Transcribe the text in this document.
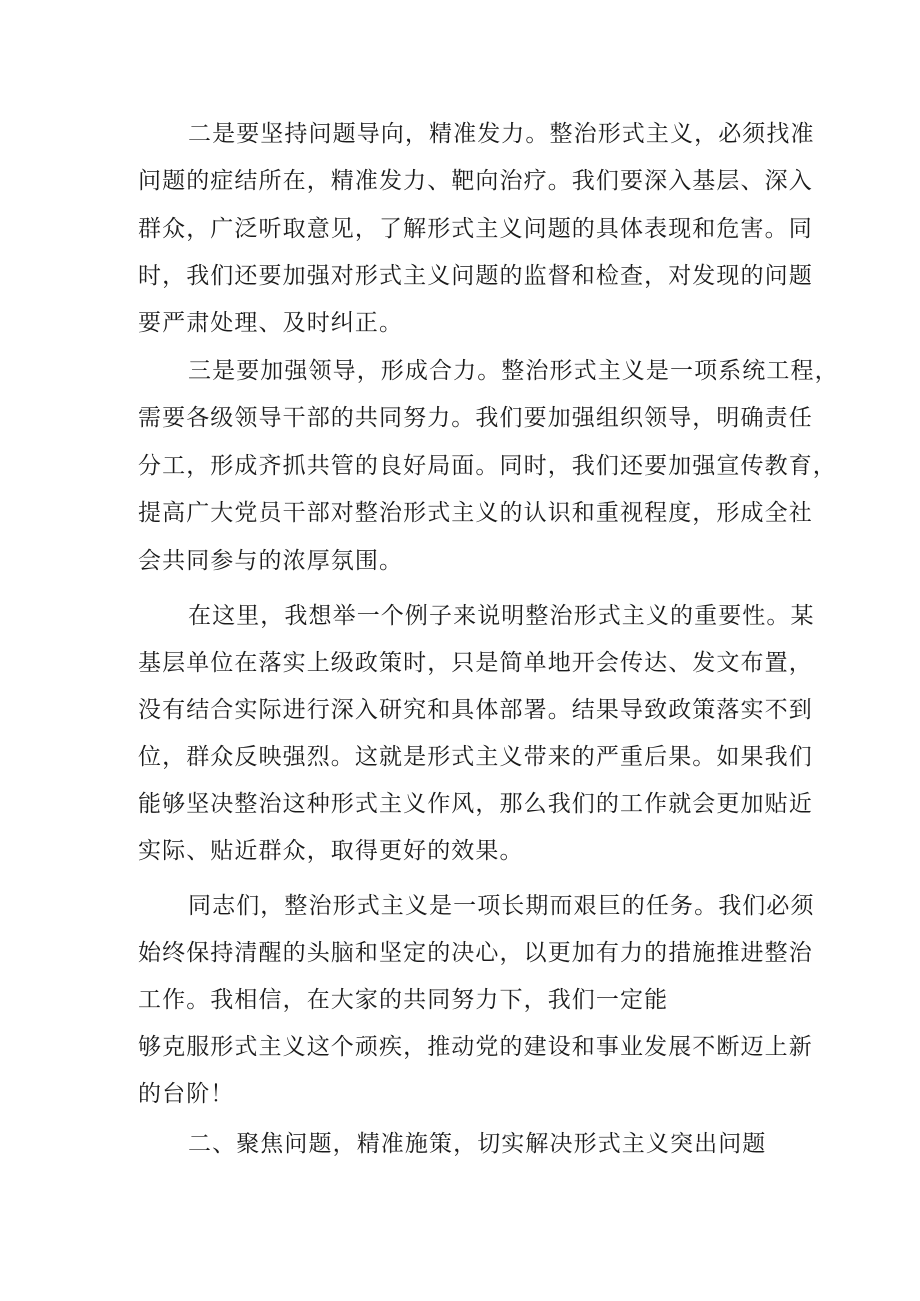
二是要坚持问题导向，精准发力。整治形式主义，必须找准
问题的症结所在，精准发力、靶向治疗。我们要深入基层、深入
群众，广泛听取意见，了解形式主义问题的具体表现和危害。同
时，我们还要加强对形式主义问题的监督和检查，对发现的问题
要严肃处理、及时纠正。
三是要加强领导，形成合力。整治形式主义是一项系统工程，
需要各级领导干部的共同努力。我们要加强组织领导，明确责任
分工，形成齐抓共管的良好局面。同时，我们还要加强宣传教育，
提高广大党员干部对整治形式主义的认识和重视程度，形成全社
会共同参与的浓厚氛围。
在这里，我想举一个例子来说明整治形式主义的重要性。某
基层单位在落实上级政策时，只是简单地开会传达、发文布置，
没有结合实际进行深入研究和具体部署。结果导致政策落实不到
位，群众反映强烈。这就是形式主义带来的严重后果。如果我们
能够坚决整治这种形式主义作风，那么我们的工作就会更加贴近
实际、贴近群众，取得更好的效果。
同志们，整治形式主义是一项长期而艰巨的任务。我们必须
始终保持清醒的头脑和坚定的决心，以更加有力的措施推进整治
工作。我相信，在大家的共同努力下，我们一定能
够克服形式主义这个顽疾，推动党的建设和事业发展不断迈上新
的台阶！
二、聚焦问题，精准施策，切实解决形式主义突出问题
